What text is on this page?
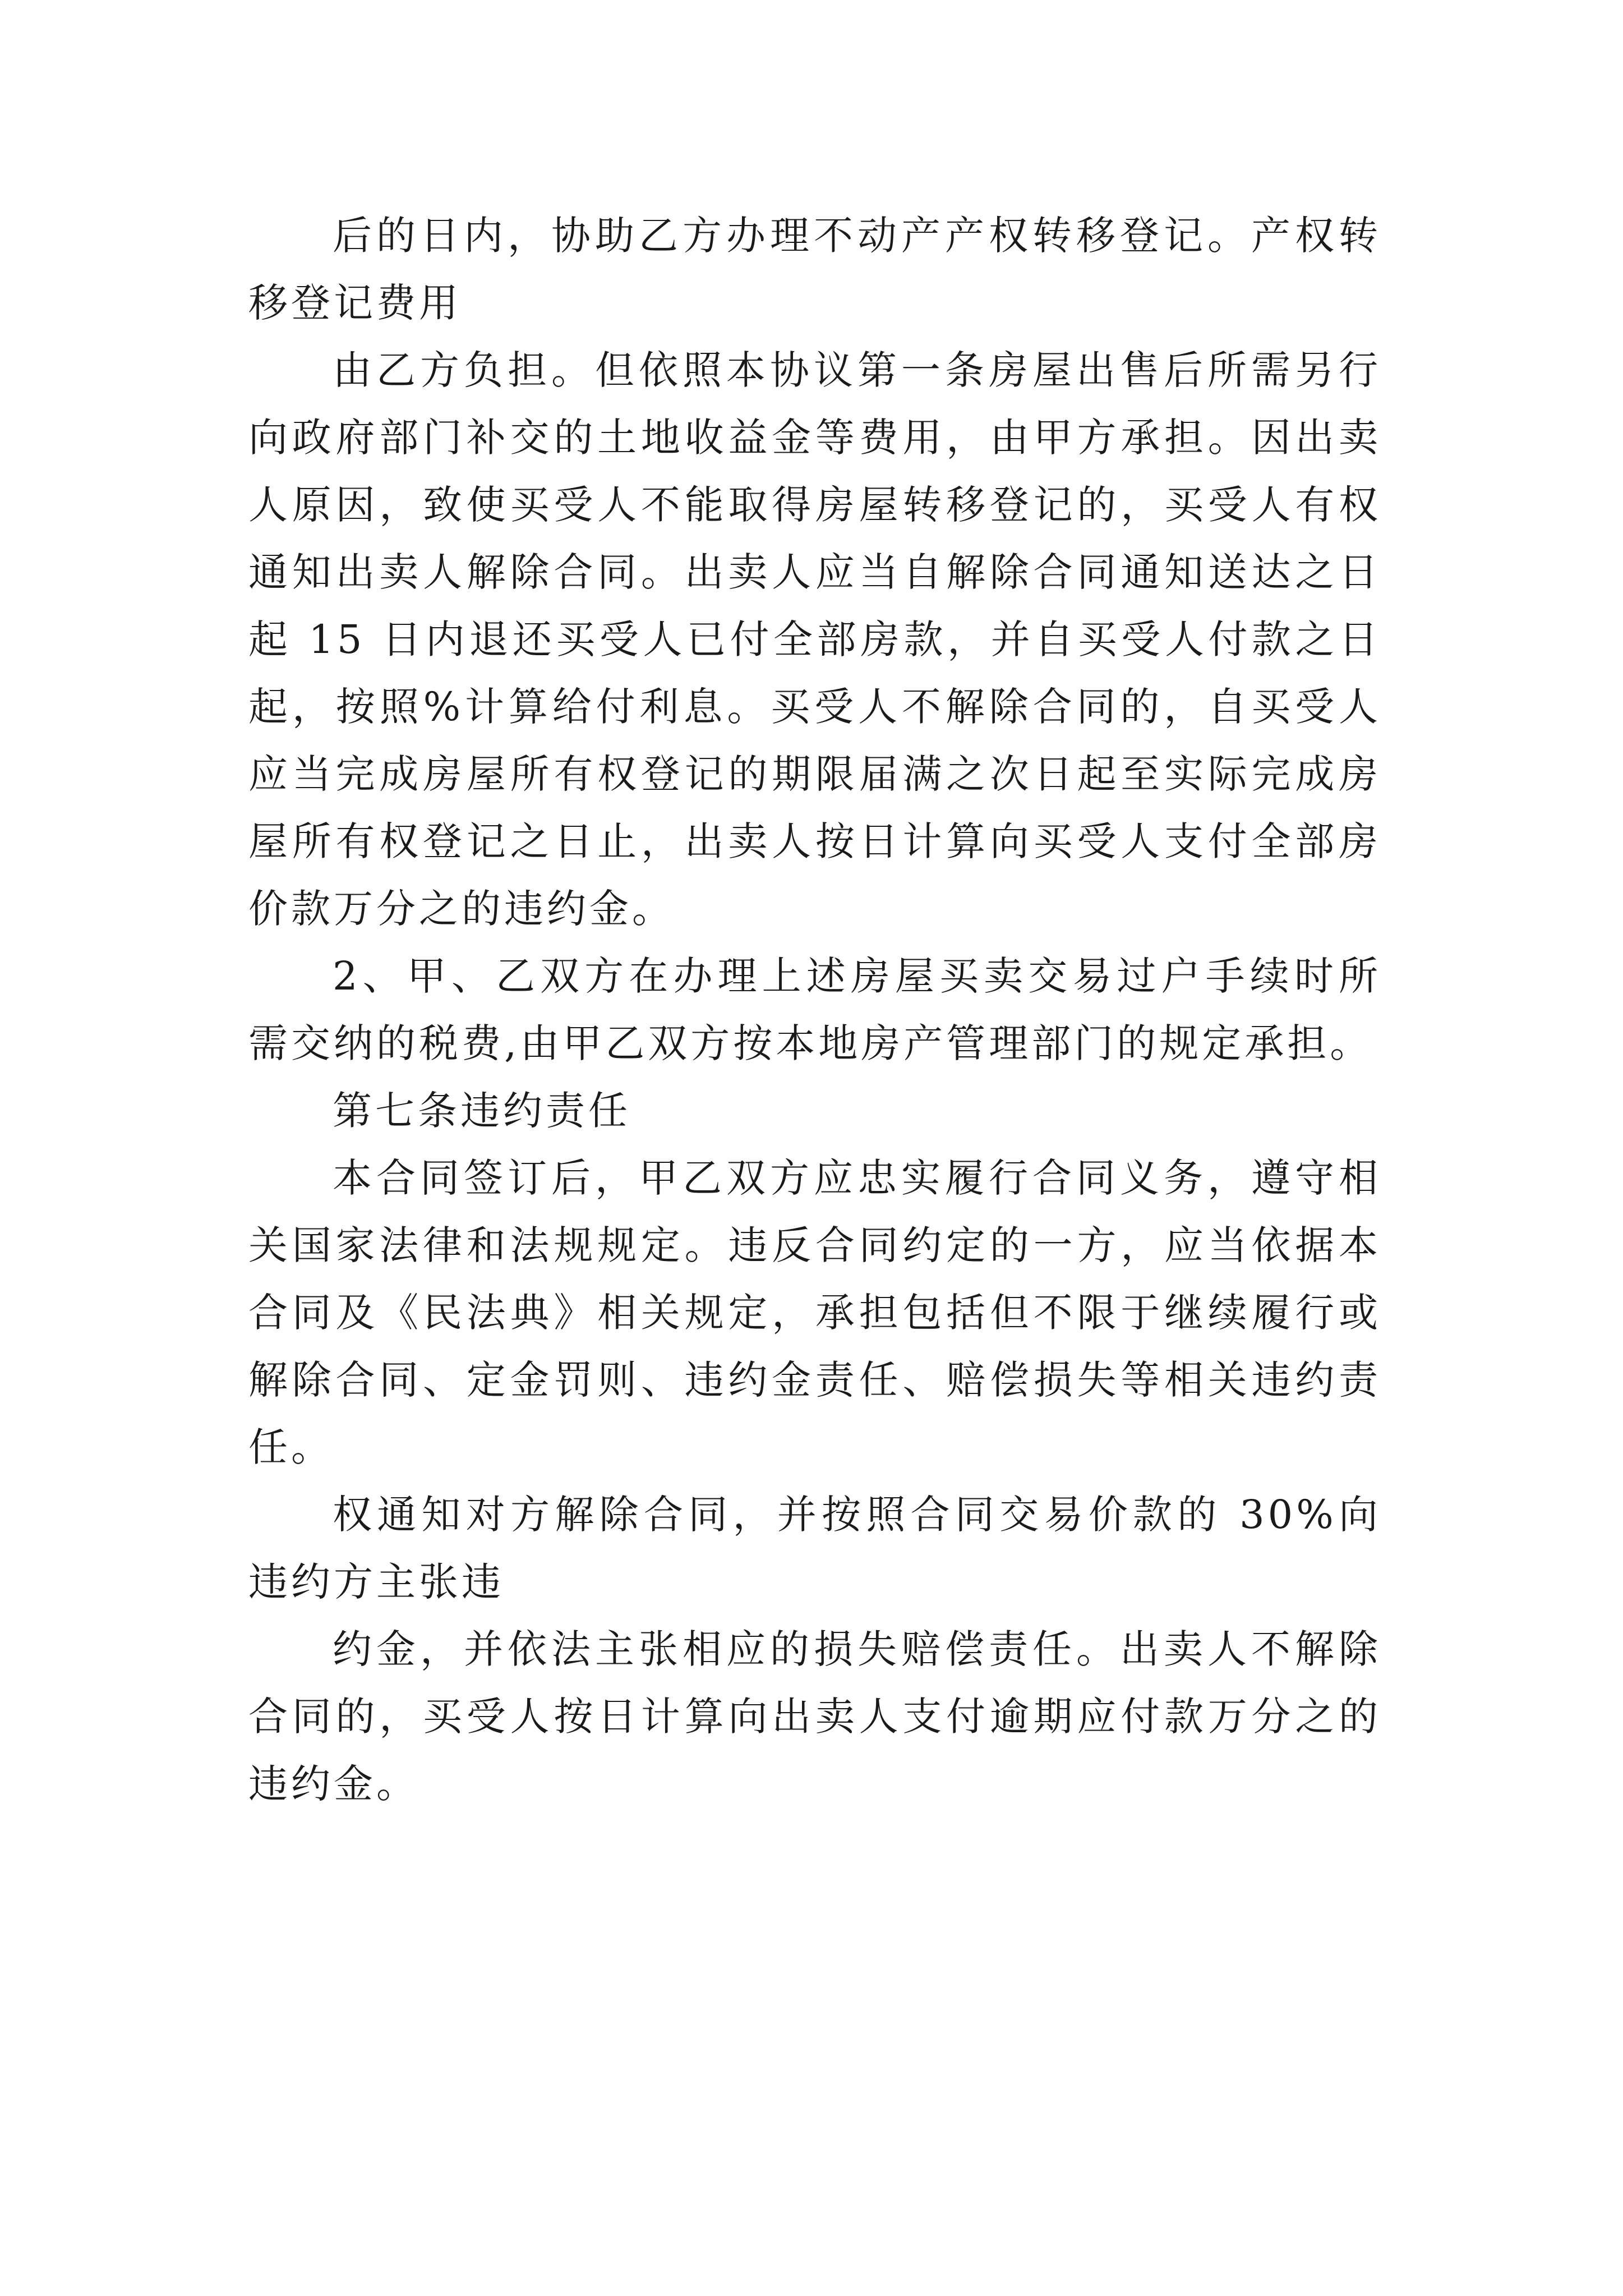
后的日内，协助乙方办理不动产产权转移登记。产权转移登记费用

由乙方负担。但依照本协议第一条房屋出售后所需另行向政府部门补交的土地收益金等费用，由甲方承担。因出卖人原因，致使买受人不能取得房屋转移登记的，买受人有权通知出卖人解除合同。出卖人应当自解除合同通知送达之日起 15 日内退还买受人已付全部房款，并自买受人付款之日起，按照%计算给付利息。买受人不解除合同的，自买受人应当完成房屋所有权登记的期限届满之次日起至实际完成房屋所有权登记之日止，出卖人按日计算向买受人支付全部房价款万分之的违约金。

2、甲、乙双方在办理上述房屋买卖交易过户手续时所需交纳的税费,由甲乙双方按本地房产管理部门的规定承担。

第七条违约责任

本合同签订后，甲乙双方应忠实履行合同义务，遵守相关国家法律和法规规定。违反合同约定的一方，应当依据本合同及《民法典》相关规定，承担包括但不限于继续履行或解除合同、定金罚则、违约金责任、赔偿损失等相关违约责任。

权通知对方解除合同，并按照合同交易价款的 30%向违约方主张违

约金，并依法主张相应的损失赔偿责任。出卖人不解除合同的，买受人按日计算向出卖人支付逾期应付款万分之的违约金。
